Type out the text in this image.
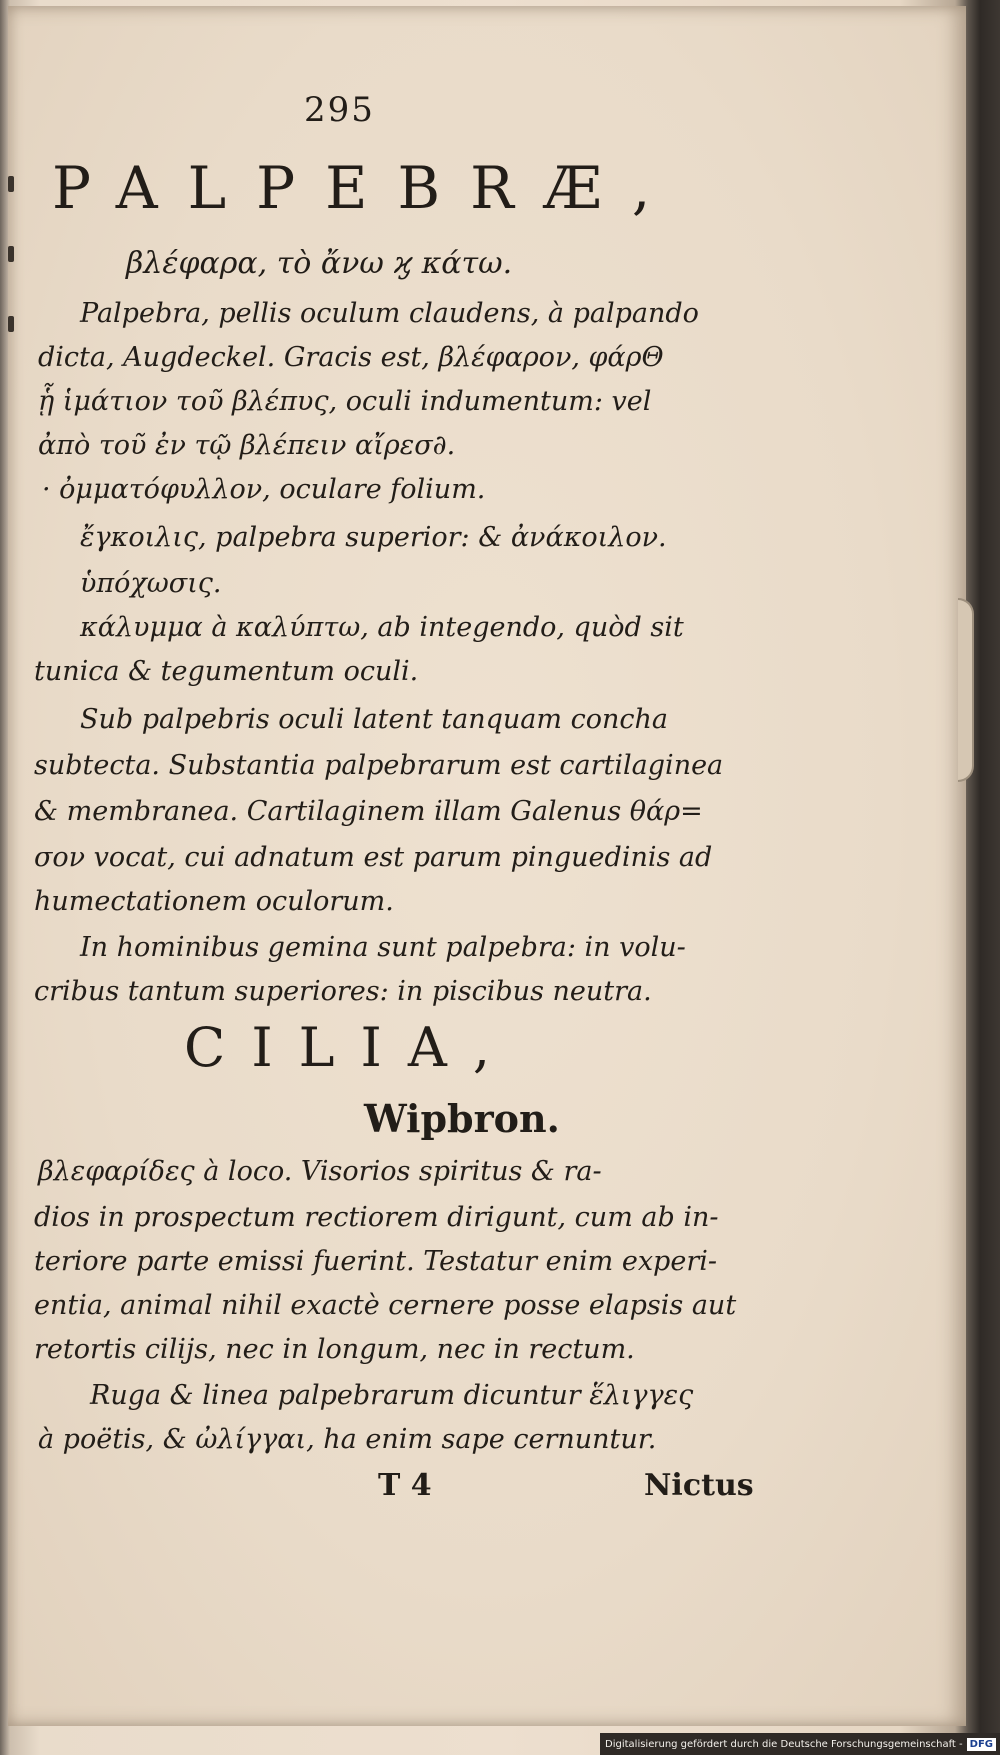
295
PALPEBRÆ,
βλέφαρα, τὸ ἄνω ϗ κάτω.
Palpebra, pellis oculum claudens, à palpando
dicta, Augdeckel. Gracis est, βλέφαρον, φάρΘ
ᾗ ἱμάτιον τοῦ βλέπυς, oculi indumentum: vel
ἀπὸ τοῦ ἐν τῷ βλέπειν αἴρεσ∂.
· ὀμματόφυλλον, oculare folium.
ἔγκοιλις, palpebra superior: & ἀνάκοιλον.
ὑπόχωσις.
κάλυμμα à καλύπτω, ab integendo, quòd sit
tunica & tegumentum oculi.
Sub palpebris oculi latent tanquam concha
subtecta. Substantia palpebrarum est cartilaginea
& membranea. Cartilaginem illam Galenus θάρ=
σον vocat, cui adnatum est parum pinguedinis ad
humectationem oculorum.
In hominibus gemina sunt palpebra: in volu-
cribus tantum superiores: in piscibus neutra.
CILIA,
Wipbron.
βλεφαρίδες à loco. Visorios spiritus & ra-
dios in prospectum rectiorem dirigunt, cum ab in-
teriore parte emissi fuerint. Testatur enim experi-
entia, animal nihil exactè cernere posse elapsis aut
retortis cilijs, nec in longum, nec in rectum.
Ruga & linea palpebrarum dicuntur ἕλιγγες
à poëtis, & ὠλίγγαι, ha enim sape cernuntur.
T 4	Nictus
Digitalisierung gefördert durch die Deutsche Forschungsgemeinschaft - DFG
